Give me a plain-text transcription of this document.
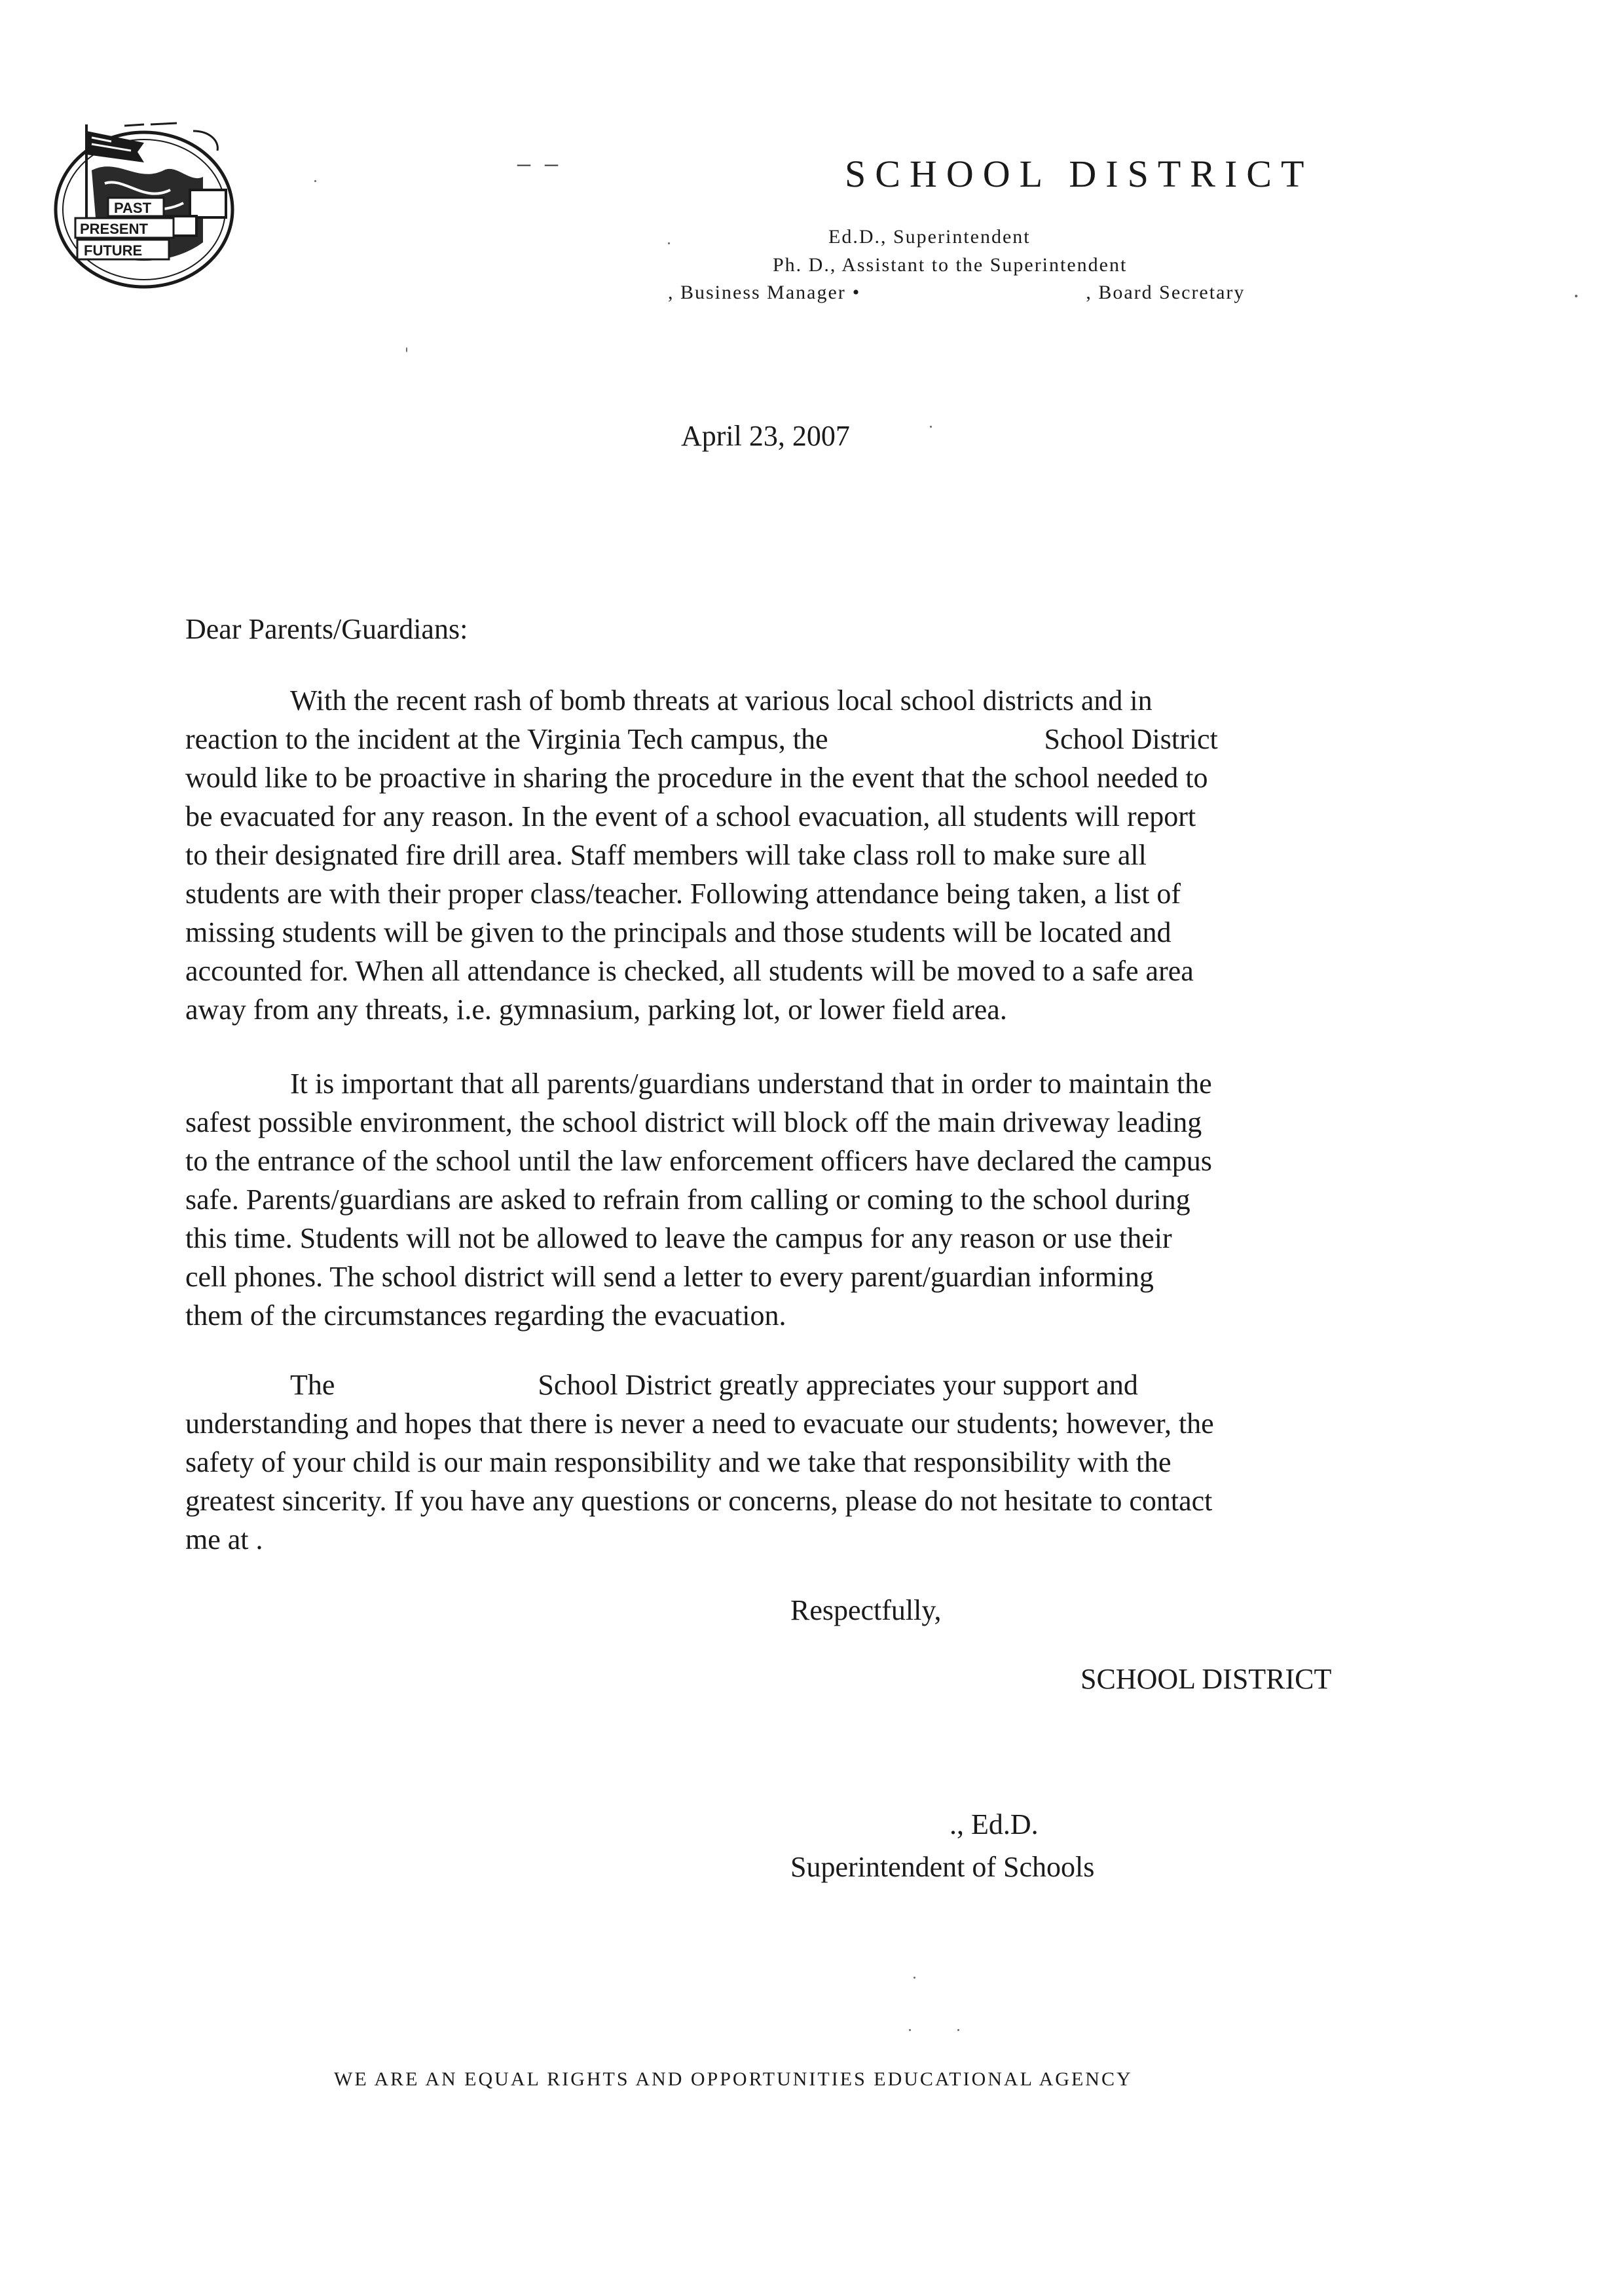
PAST
PRESENT
FUTURE
– –	SCHOOL DISTRICT
Ed.D., Superintendent
Ph. D., Assistant to the Superintendent
, Business Manager •	, Board Secretary
April 23, 2007
Dear Parents/Guardians:
With the recent rash of bomb threats at various local school districts and in
reaction to the incident at the Virginia Tech campus, the	School District
would like to be proactive in sharing the procedure in the event that the school needed to
be evacuated for any reason. In the event of a school evacuation, all students will report
to their designated fire drill area. Staff members will take class roll to make sure all
students are with their proper class/teacher. Following attendance being taken, a list of
missing students will be given to the principals and those students will be located and
accounted for. When all attendance is checked, all students will be moved to a safe area
away from any threats, i.e. gymnasium, parking lot, or lower field area.
It is important that all parents/guardians understand that in order to maintain the
safest possible environment, the school district will block off the main driveway leading
to the entrance of the school until the law enforcement officers have declared the campus
safe. Parents/guardians are asked to refrain from calling or coming to the school during
this time. Students will not be allowed to leave the campus for any reason or use their
cell phones. The school district will send a letter to every parent/guardian informing
them of the circumstances regarding the evacuation.
The	School District greatly appreciates your support and
understanding and hopes that there is never a need to evacuate our students; however, the
safety of your child is our main responsibility and we take that responsibility with the
greatest sincerity. If you have any questions or concerns, please do not hesitate to contact
me at .
Respectfully,
SCHOOL DISTRICT
., Ed.D.
Superintendent of Schools
WE ARE AN EQUAL RIGHTS AND OPPORTUNITIES EDUCATIONAL AGENCY
